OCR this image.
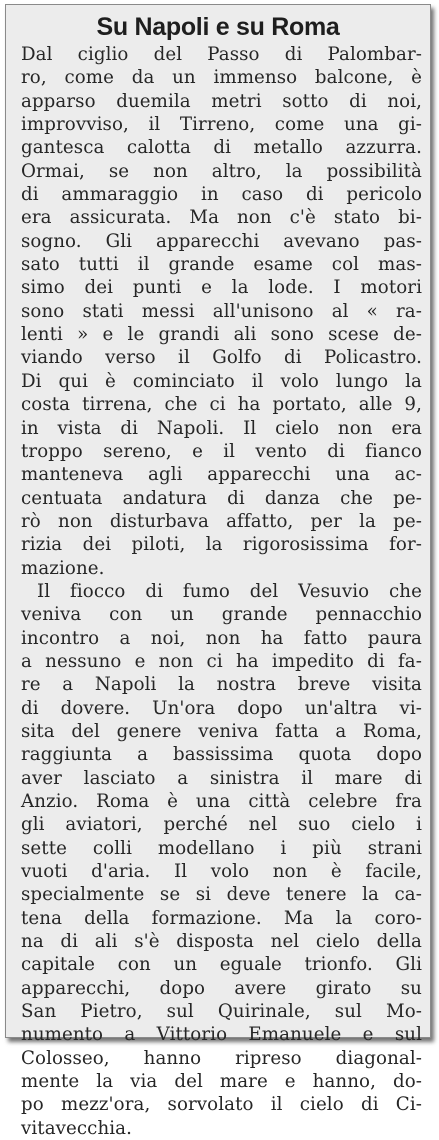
Su Napoli e su Roma
Dal ciglio del Passo di Palombar-
ro, come da un immenso balcone, è
apparso duemila metri sotto di noi,
improvviso, il Tirreno, come una gi-
gantesca calotta di metallo azzurra.
Ormai, se non altro, la possibilità
di ammaraggio in caso di pericolo
era assicurata. Ma non c'è stato bi-
sogno. Gli apparecchi avevano pas-
sato tutti il grande esame col mas-
simo dei punti e la lode. I motori
sono stati messi all'unisono al « ra-
lenti » e le grandi ali sono scese de-
viando verso il Golfo di Policastro.
Di qui è cominciato il volo lungo la
costa tirrena, che ci ha portato, alle 9,
in vista di Napoli. Il cielo non era
troppo sereno, e il vento di fianco
manteneva agli apparecchi una ac-
centuata andatura di danza che pe-
rò non disturbava affatto, per la pe-
rizia dei piloti, la rigorosissima for-
mazione.
Il fiocco di fumo del Vesuvio che
veniva con un grande pennacchio
incontro a noi, non ha fatto paura
a nessuno e non ci ha impedito di fa-
re a Napoli la nostra breve visita
di dovere. Un'ora dopo un'altra vi-
sita del genere veniva fatta a Roma,
raggiunta a bassissima quota dopo
aver lasciato a sinistra il mare di
Anzio. Roma è una città celebre fra
gli aviatori, perché nel suo cielo i
sette colli modellano i più strani
vuoti d'aria. Il volo non è facile,
specialmente se si deve tenere la ca-
tena della formazione. Ma la coro-
na di ali s'è disposta nel cielo della
capitale con un eguale trionfo. Gli
apparecchi, dopo avere girato su
San Pietro, sul Quirinale, sul Mo-
numento a Vittorio Emanuele e sul
Colosseo, hanno ripreso diagonal-
mente la via del mare e hanno, do-
po mezz'ora, sorvolato il cielo di Ci-
vitavecchia.
